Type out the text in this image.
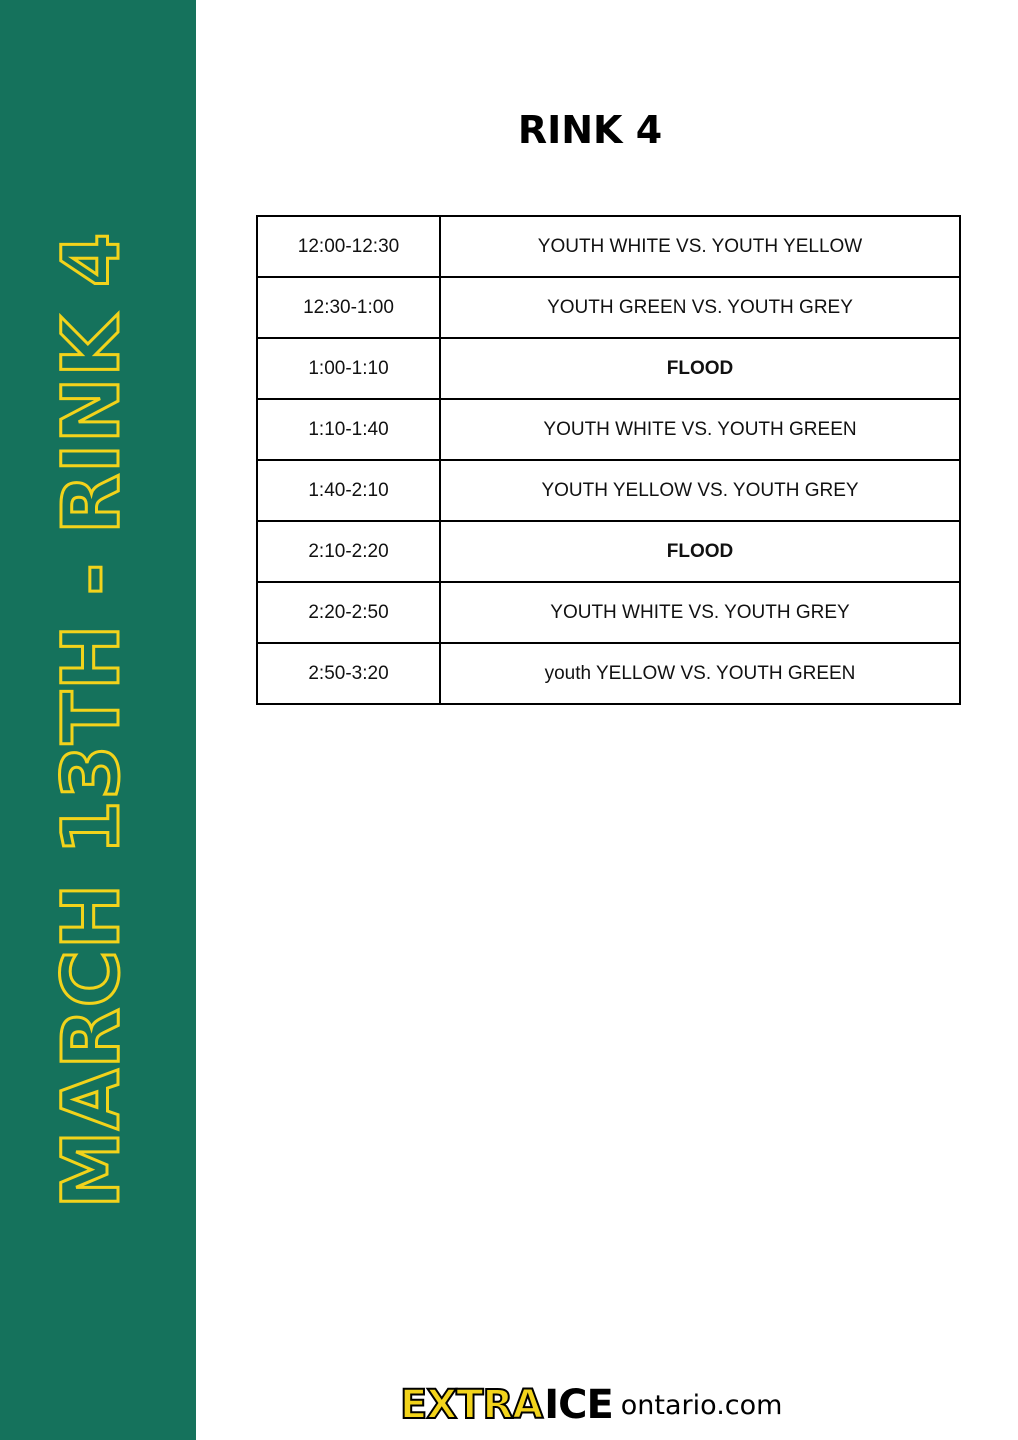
MARCH 13TH - RINK 4
RINK 4
12:00-12:30	YOUTH WHITE VS. YOUTH YELLOW
12:30-1:00	YOUTH GREEN VS. YOUTH GREY
1:00-1:10	FLOOD
1:10-1:40	YOUTH WHITE VS. YOUTH GREEN
1:40-2:10	YOUTH YELLOW VS. YOUTH GREY
2:10-2:20	FLOOD
2:20-2:50	YOUTH WHITE VS. YOUTH GREY
2:50-3:20	youth YELLOW VS. YOUTH GREEN
EXTRA ICE ontario.com
